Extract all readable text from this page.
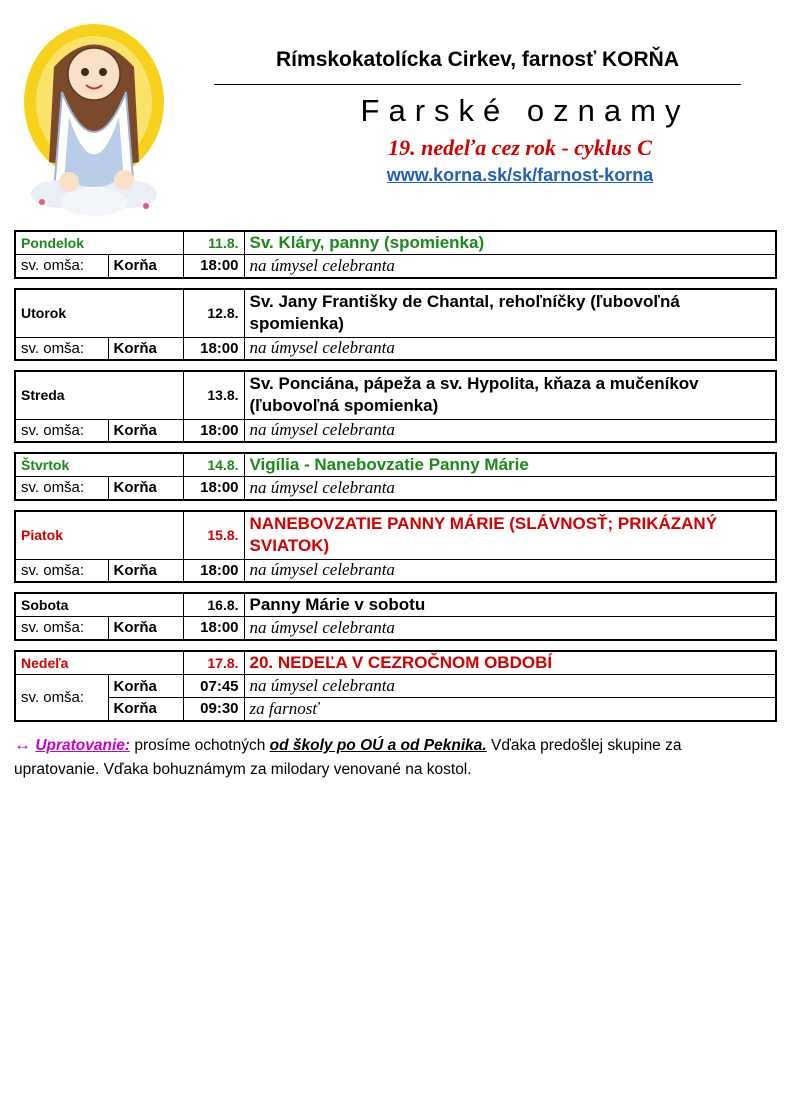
Rímskokatolícka Cirkev, farnosť KORŇA
Farské oznamy
19. nedeľa cez rok - cyklus C
www.korna.sk/sk/farnost-korna
Pondelok		11.8.	Sv. Kláry, panny (spomienka)
sv. omša:	Korňa	18:00	na úmysel celebranta
Utorok		12.8.	Sv. Jany Františky de Chantal, rehoľníčky (ľubovoľná spomienka)
sv. omša:	Korňa	18:00	na úmysel celebranta
Streda		13.8.	Sv. Ponciána, pápeža a sv. Hypolita, kňaza a mučeníkov (ľubovoľná spomienka)
sv. omša:	Korňa	18:00	na úmysel celebranta
Štvrtok		14.8.	Vigília - Nanebovzatie Panny Márie
sv. omša:	Korňa	18:00	na úmysel celebranta
Piatok		15.8.	NANEBOVZATIE PANNY MÁRIE (SLÁVNOSŤ; PRIKÁZANÝ SVIATOK)
sv. omša:	Korňa	18:00	na úmysel celebranta
Sobota		16.8.	Panny Márie v sobotu
sv. omša:	Korňa	18:00	na úmysel celebranta
Nedeľa		17.8.	20. NEDEĽA V CEZROČNOM OBDOBÍ
sv. omša:	Korňa	07:45	na úmysel celebranta
	Korňa	09:30	za farnosť
↔ Upratovanie: prosíme ochotných od školy po OÚ a od Peknika. Vďaka predošlej skupine za upratovanie. Vďaka bohuznámym za milodary venované na kostol.
